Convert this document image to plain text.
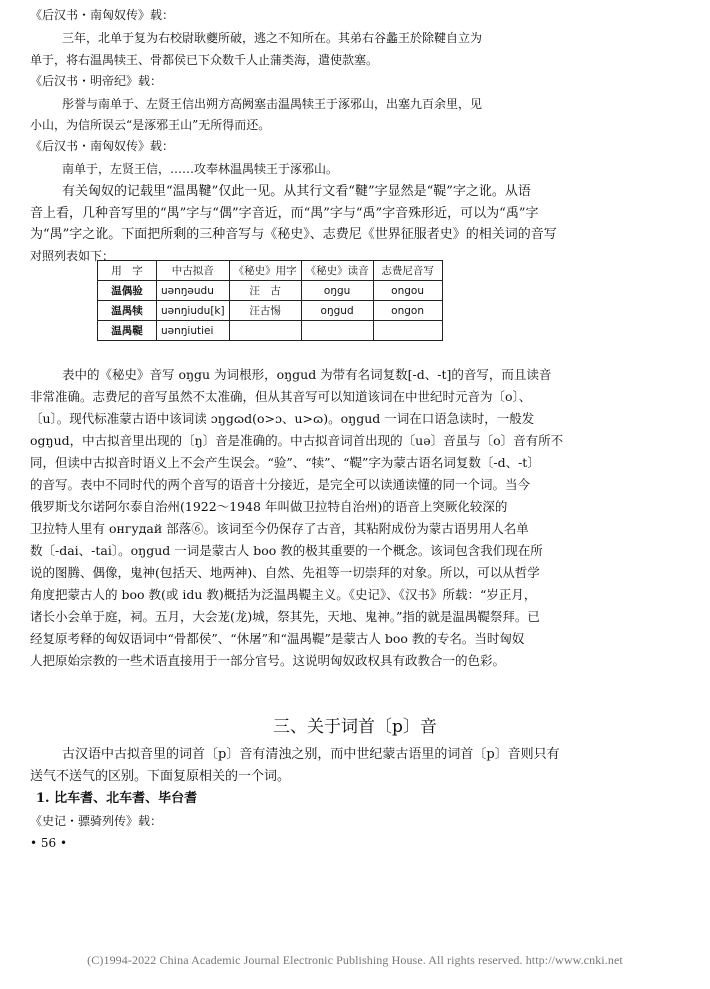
《后汉书・南匈奴传》载：
三年，北单于复为右校尉耿夔所破，逃之不知所在。其弟右谷蠡王於除鞬自立为
单于，将右温禺犊王、骨都侯已下众数千人止蒲类海，遣使款塞。
《后汉书・明帝纪》载：
彤誉与南单于、左贤王信出朔方高阙塞击温禺犊王于涿邪山，出塞九百余里，见
小山，为信所误云“是涿邪王山”无所得而还。
《后汉书・南匈奴传》载：
南单于，左贤王信，……攻奉林温禺犊王于涿邪山。
有关匈奴的记载里“温禺鞬”仅此一见。从其行文看“鞬”字显然是“鞮”字之讹。从语
音上看，几种音写里的“禺”字与“偶”字音近，而“禺”字与“禹”字音殊形近，可以为“禹”字
为“禺”字之讹。下面把所剩的三种音写与《秘史》、志费尼《世界征服者史》的相关词的音写
对照列表如下：
用　字	中古拟音	《秘史》用字	《秘史》读音	志费尼音写
温偶验	uənŋəudu	汪　古	oŋgu	ongou
温禺犊	uənŋiudu[k]	汪古惕	oŋgud	ongon
温禺鞮	uənŋiutiei			
表中的《秘史》音写 oŋgu 为词根形，oŋgud 为带有名词复数[-d、-t]的音写，而且读音
非常准确。志费尼的音写虽然不太准确，但从其音写可以知道该词在中世纪时元音为〔o〕、
〔u〕。现代标准蒙古语中该词读 ɔŋgɷd(o>ɔ、u>ɷ)。oŋgud 一词在口语急读时，一般发
ogŋud，中古拟音里出现的〔ŋ〕音是准确的。中古拟音词首出现的〔uə〕音虽与〔o〕音有所不
同，但读中古拟音时语义上不会产生误会。“验”、“犊”、“鞮”字为蒙古语名词复数〔-d、-t〕
的音写。表中不同时代的两个音写的语音十分接近，是完全可以读通读懂的同一个词。当今
俄罗斯戈尔诺阿尔泰自治州(1922～1948 年叫做卫拉特自治州)的语音上突厥化较深的
卫拉特人里有 онгудай 部落⑥。该词至今仍保存了古音，其粘附成份为蒙古语男用人名单
数〔-dai、-tai〕。oŋgud 一词是蒙古人 boo 教的极其重要的一个概念。该词包含我们现在所
说的图腾、偶像，鬼神(包括天、地两神)、自然、先祖等一切崇拜的对象。所以，可以从哲学
角度把蒙古人的 boo 教(或 idu 教)概括为泛温禺鞮主义。《史记》、《汉书》所载：“岁正月，
诸长小会单于庭，祠。五月，大会茏(龙)城，祭其先，天地、鬼神。”指的就是温禺鞮祭拜。已
经复原考释的匈奴语词中“骨都侯”、“休屠”和“温禺鞮”是蒙古人 boo 教的专名。当时匈奴
人把原始宗教的一些术语直接用于一部分官号。这说明匈奴政权具有政教合一的色彩。
三、关于词首〔p〕音
古汉语中古拟音里的词首〔p〕音有清浊之别，而中世纪蒙古语里的词首〔p〕音则只有
送气不送气的区别。下面复原相关的一个词。
1. 比车耆、北车耆、毕台耆
《史记・骠骑列传》载：
• 56 •
(C)1994-2022 China Academic Journal Electronic Publishing House. All rights reserved. http://www.cnki.net
